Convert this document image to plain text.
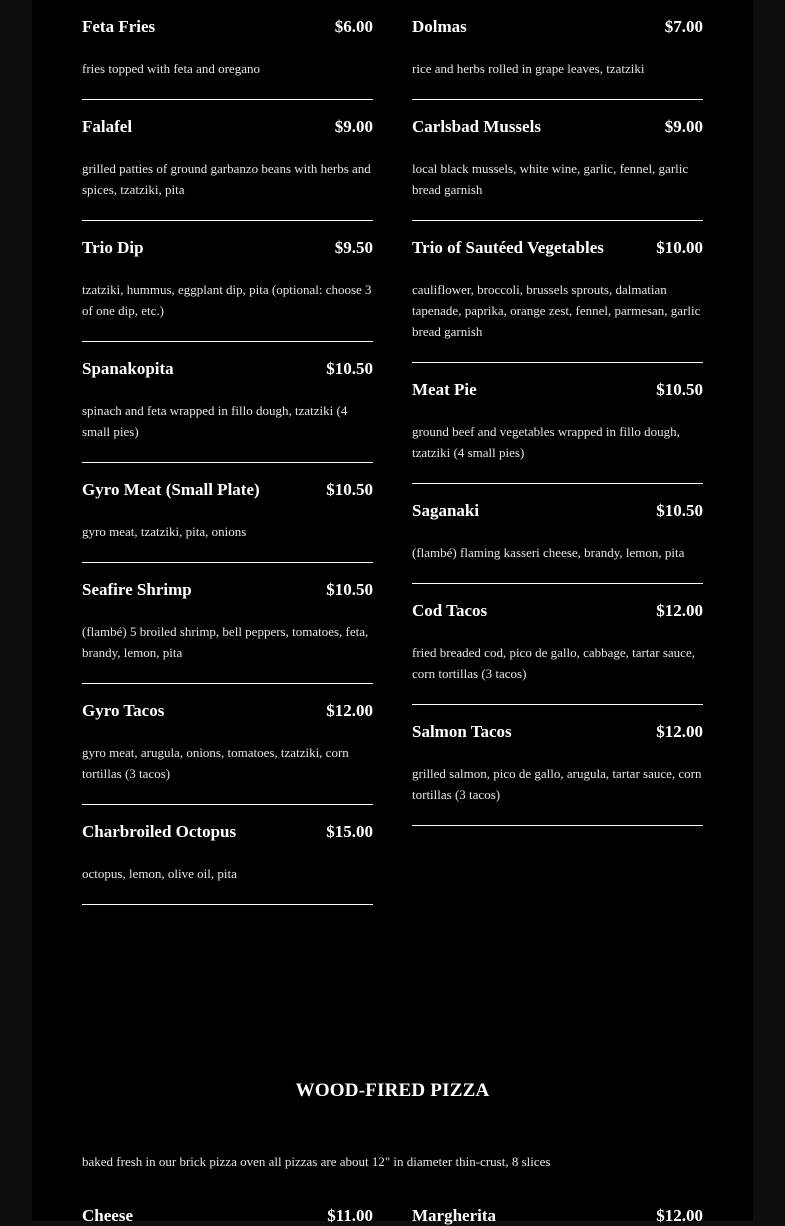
Feta Fries	$6.00
fries topped with feta and oregano
Falafel	$9.00
grilled patties of ground garbanzo beans with herbs and spices, tzatziki, pita
Trio Dip	$9.50
tzatziki, hummus, eggplant dip, pita (optional: choose 3 of one dip, etc.)
Spanakopita	$10.50
spinach and feta wrapped in fillo dough, tzatziki (4 small pies)
Gyro Meat (Small Plate)	$10.50
gyro meat, tzatziki, pita, onions
Seafire Shrimp	$10.50
(flambé) 5 broiled shrimp, bell peppers, tomatoes, feta, brandy, lemon, pita
Gyro Tacos	$12.00
gyro meat, arugula, onions, tomatoes, tzatziki, corn tortillas (3 tacos)
Charbroiled Octopus	$15.00
octopus, lemon, olive oil, pita
Dolmas	$7.00
rice and herbs rolled in grape leaves, tzatziki
Carlsbad Mussels	$9.00
local black mussels, white wine, garlic, fennel, garlic bread garnish
Trio of Sautéed Vegetables	$10.00
cauliflower, broccoli, brussels sprouts, dalmatian tapenade, paprika, orange zest, fennel, parmesan, garlic bread garnish
Meat Pie	$10.50
ground beef and vegetables wrapped in fillo dough, tzatziki (4 small pies)
Saganaki	$10.50
(flambé) flaming kasseri cheese, brandy, lemon, pita
Cod Tacos	$12.00
fried breaded cod, pico de gallo, cabbage, tartar sauce, corn tortillas (3 tacos)
Salmon Tacos	$12.00
grilled salmon, pico de gallo, arugula, tartar sauce, corn tortillas (3 tacos)
WOOD-FIRED PIZZA
baked fresh in our brick pizza oven all pizzas are about 12" in diameter thin-crust, 8 slices
Cheese	$11.00 Margherita	$12.00
